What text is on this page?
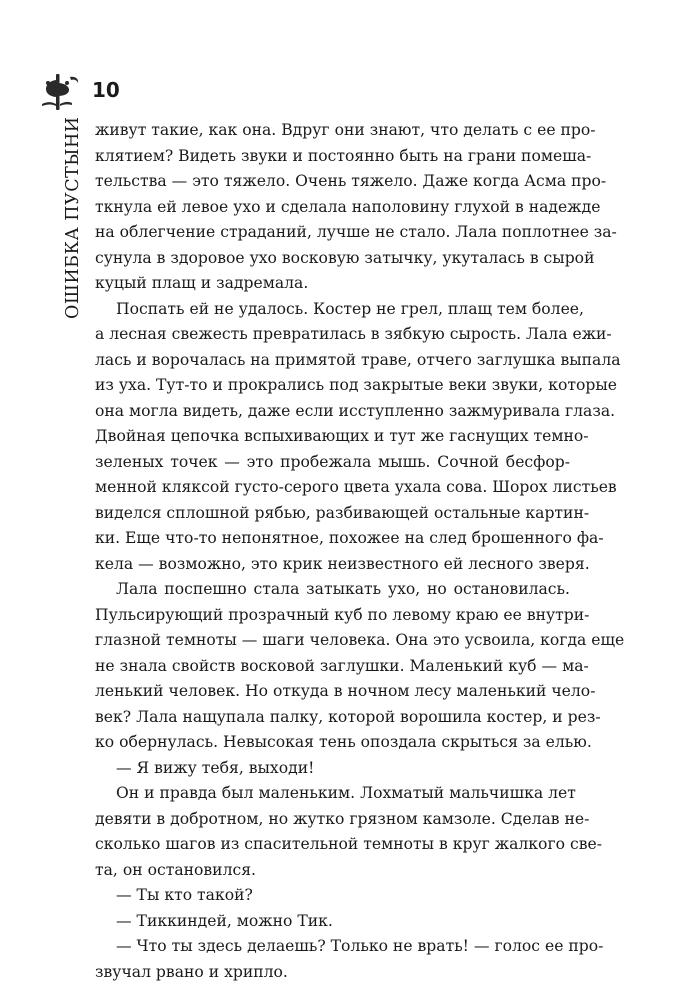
10
ОШИБКА ПУСТЫНИ живут такие, как она. Вдруг они знают, что делать с ее про-
клятием? Видеть звуки и постоянно быть на грани помеша-
тельства — это тяжело. Очень тяжело. Даже когда Асма про-
ткнула ей левое ухо и сделала наполовину глухой в надежде
на облегчение страданий, лучше не стало. Лала поплотнее за-
сунула в здоровое ухо восковую затычку, укуталась в сырой
куцый плащ и задремала.
Поспать ей не удалось. Костер не грел, плащ тем более,
а лесная свежесть превратилась в зябкую сырость. Лала ежи-
лась и ворочалась на примятой траве, отчего заглушка выпала
из уха. Тут-то и прокрались под закрытые веки звуки, которые
она могла видеть, даже если исступленно зажмуривала глаза.
Двойная цепочка вспыхивающих и тут же гаснущих темно-
зеленых точек — это пробежала мышь. Сочной бесфор-
менной кляксой густо-серого цвета ухала сова. Шорох листьев
виделся сплошной рябью, разбивающей остальные картин-
ки. Еще что-то непонятное, похожее на след брошенного фа-
кела — возможно, это крик неизвестного ей лесного зверя.
Лала поспешно стала затыкать ухо, но остановилась.
Пульсирующий прозрачный куб по левому краю ее внутри-
глазной темноты — шаги человека. Она это усвоила, когда еще
не знала свойств восковой заглушки. Маленький куб — ма-
ленький человек. Но откуда в ночном лесу маленький чело-
век? Лала нащупала палку, которой ворошила костер, и рез-
ко обернулась. Невысокая тень опоздала скрыться за елью.
— Я вижу тебя, выходи!
Он и правда был маленьким. Лохматый мальчишка лет
девяти в добротном, но жутко грязном камзоле. Сделав не-
сколько шагов из спасительной темноты в круг жалкого све-
та, он остановился.
— Ты кто такой?
— Тиккиндей, можно Тик.
— Что ты здесь делаешь? Только не врать! — голос ее про-
звучал рвано и хрипло.
